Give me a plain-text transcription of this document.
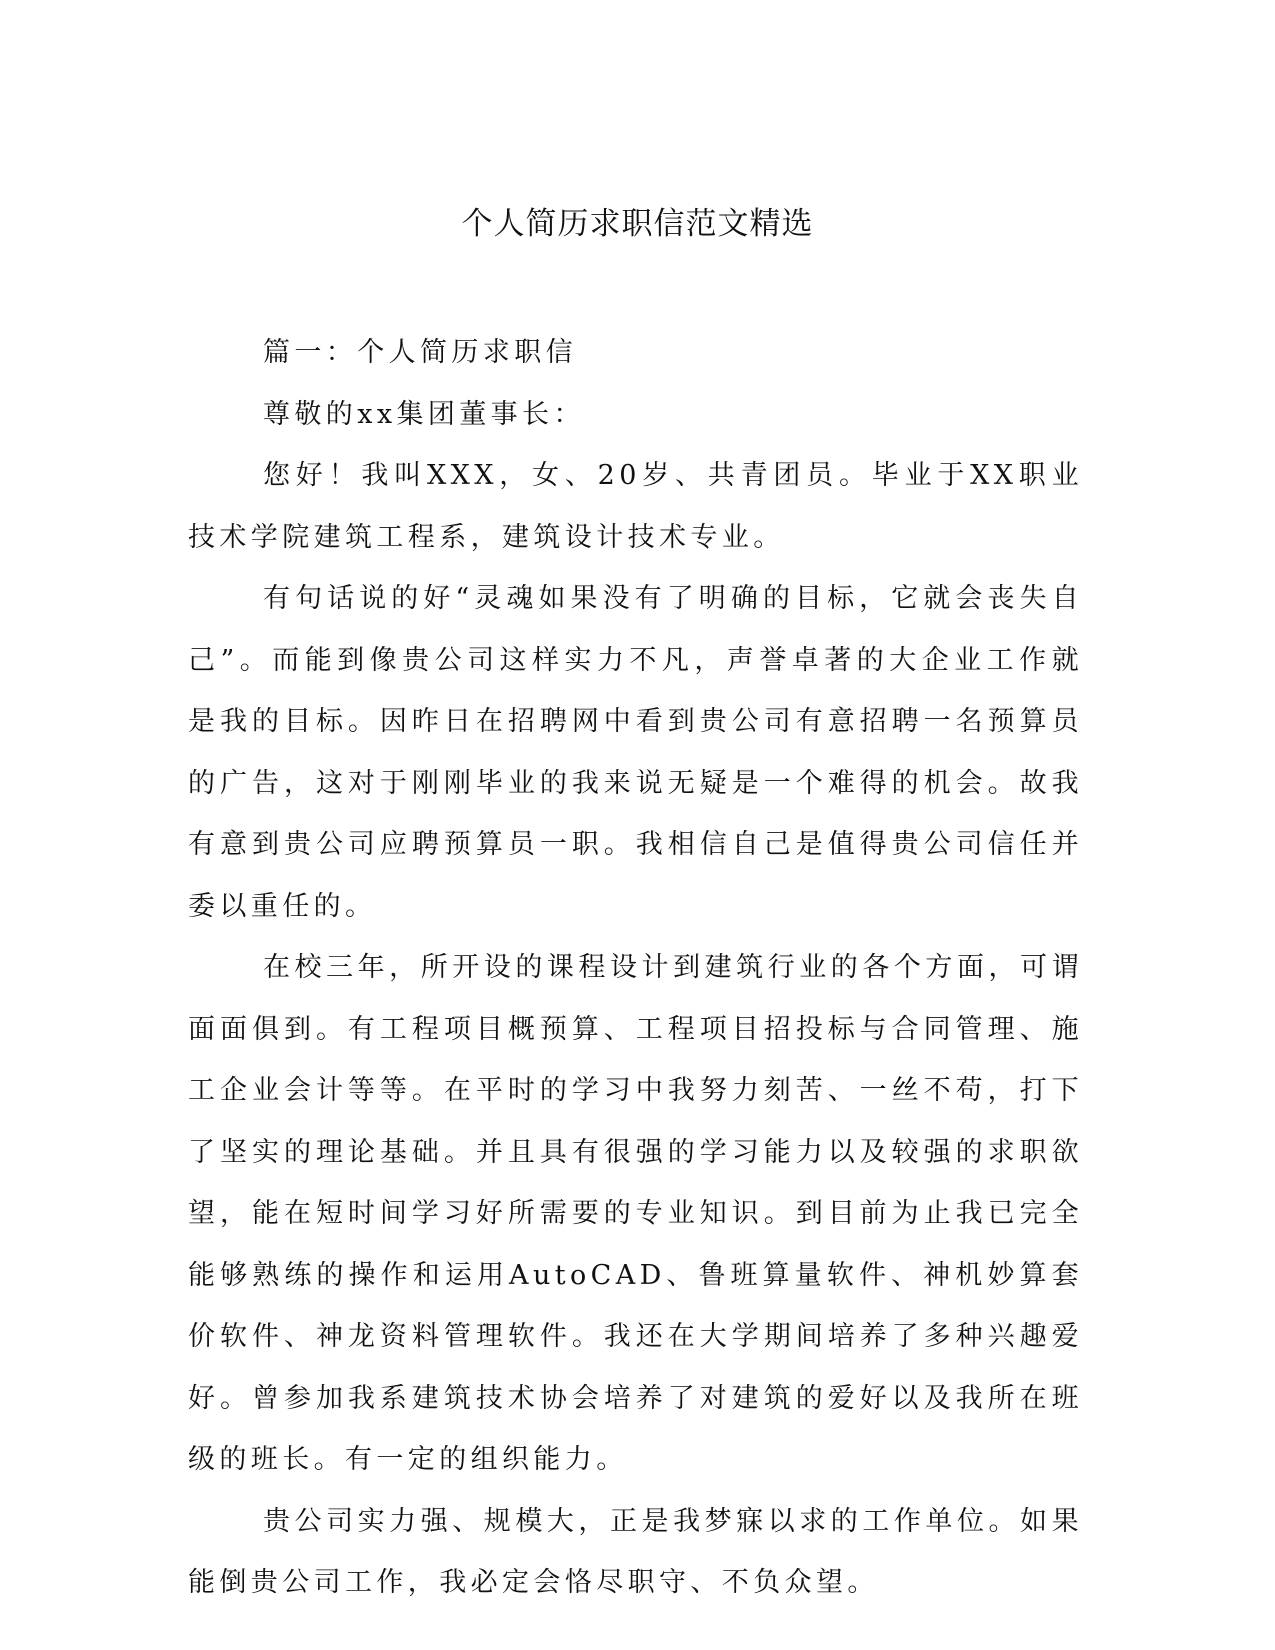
个人简历求职信范文精选

篇一：个人简历求职信

尊敬的xx集团董事长：

您好！我叫XXX，女、20岁、共青团员。毕业于XX职业技术学院建筑工程系，建筑设计技术专业。

有句话说的好“灵魂如果没有了明确的目标，它就会丧失自己”。而能到像贵公司这样实力不凡，声誉卓著的大企业工作就是我的目标。因昨日在招聘网中看到贵公司有意招聘一名预算员的广告，这对于刚刚毕业的我来说无疑是一个难得的机会。故我有意到贵公司应聘预算员一职。我相信自己是值得贵公司信任并委以重任的。

在校三年，所开设的课程设计到建筑行业的各个方面，可谓面面俱到。有工程项目概预算、工程项目招投标与合同管理、施工企业会计等等。在平时的学习中我努力刻苦、一丝不苟，打下了坚实的理论基础。并且具有很强的学习能力以及较强的求职欲望，能在短时间学习好所需要的专业知识。到目前为止我已完全能够熟练的操作和运用AutoCAD、鲁班算量软件、神机妙算套价软件、神龙资料管理软件。我还在大学期间培养了多种兴趣爱好。曾参加我系建筑技术协会培养了对建筑的爱好以及我所在班级的班长。有一定的组织能力。

贵公司实力强、规模大，正是我梦寐以求的工作单位。如果能倒贵公司工作，我必定会恪尽职守、不负众望。
